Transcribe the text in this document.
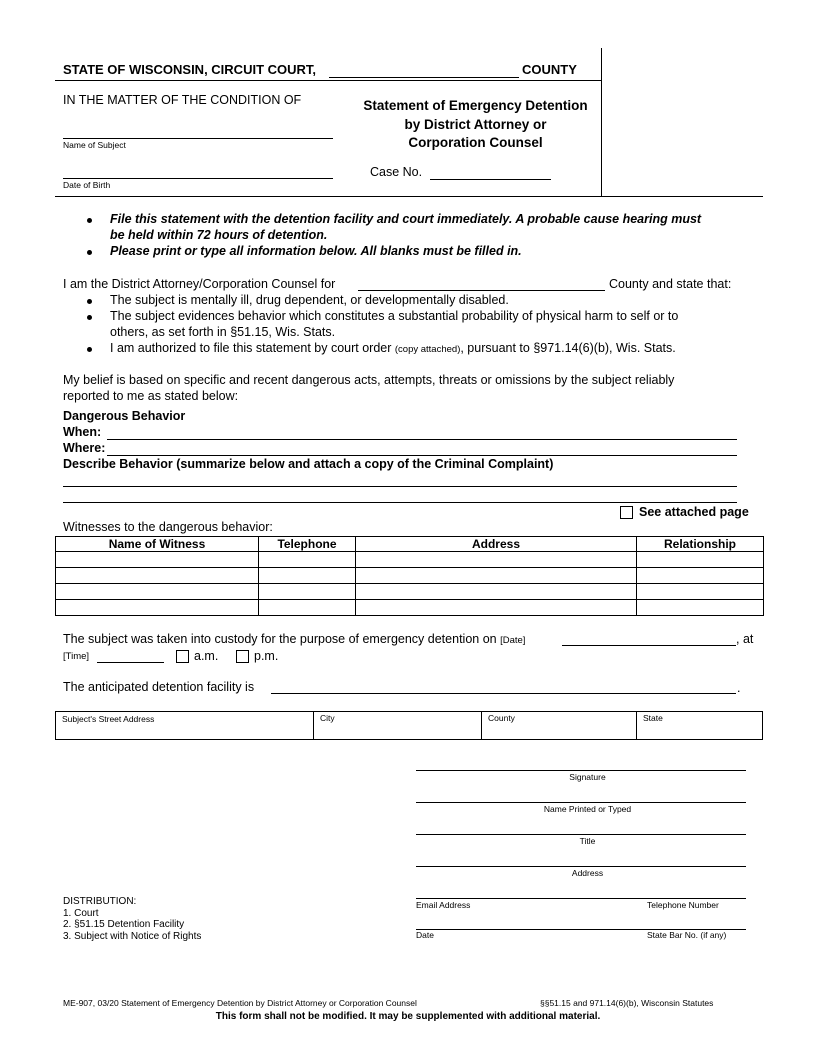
STATE OF WISCONSIN, CIRCUIT COURT,	COUNTY
IN THE MATTER OF THE CONDITION OF
Name of Subject
Date of Birth
Statement of Emergency Detention
by District Attorney or
Corporation Counsel
Case No.
File this statement with the detention facility and court immediately. A probable cause hearing must
be held within 72 hours of detention.
Please print or type all information below. All blanks must be filled in.
I am the District Attorney/Corporation Counsel for	County and state that:
The subject is mentally ill, drug dependent, or developmentally disabled.
The subject evidences behavior which constitutes a substantial probability of physical harm to self or to
others, as set forth in §51.15, Wis. Stats.
I am authorized to file this statement by court order (copy attached), pursuant to §971.14(6)(b), Wis. Stats.
My belief is based on specific and recent dangerous acts, attempts, threats or omissions by the subject reliably
reported to me as stated below:
Dangerous Behavior
When:
Where:
Describe Behavior (summarize below and attach a copy of the Criminal Complaint)
See attached page
Witnesses to the dangerous behavior:
Name of Witness	Telephone	Address	Relationship

The subject was taken into custody for the purpose of emergency detention on [Date]	, at
[Time]	a.m.	p.m.
The anticipated detention facility is	.
Subject's Street Address	City	County	State
Signature
Name Printed or Typed
Title
Address
Email Address	Telephone Number
Date	State Bar No. (if any)
DISTRIBUTION:
1. Court
2. §51.15 Detention Facility
3. Subject with Notice of Rights
ME-907, 03/20 Statement of Emergency Detention by District Attorney or Corporation Counsel	§§51.15 and 971.14(6)(b), Wisconsin Statutes
This form shall not be modified. It may be supplemented with additional material.
